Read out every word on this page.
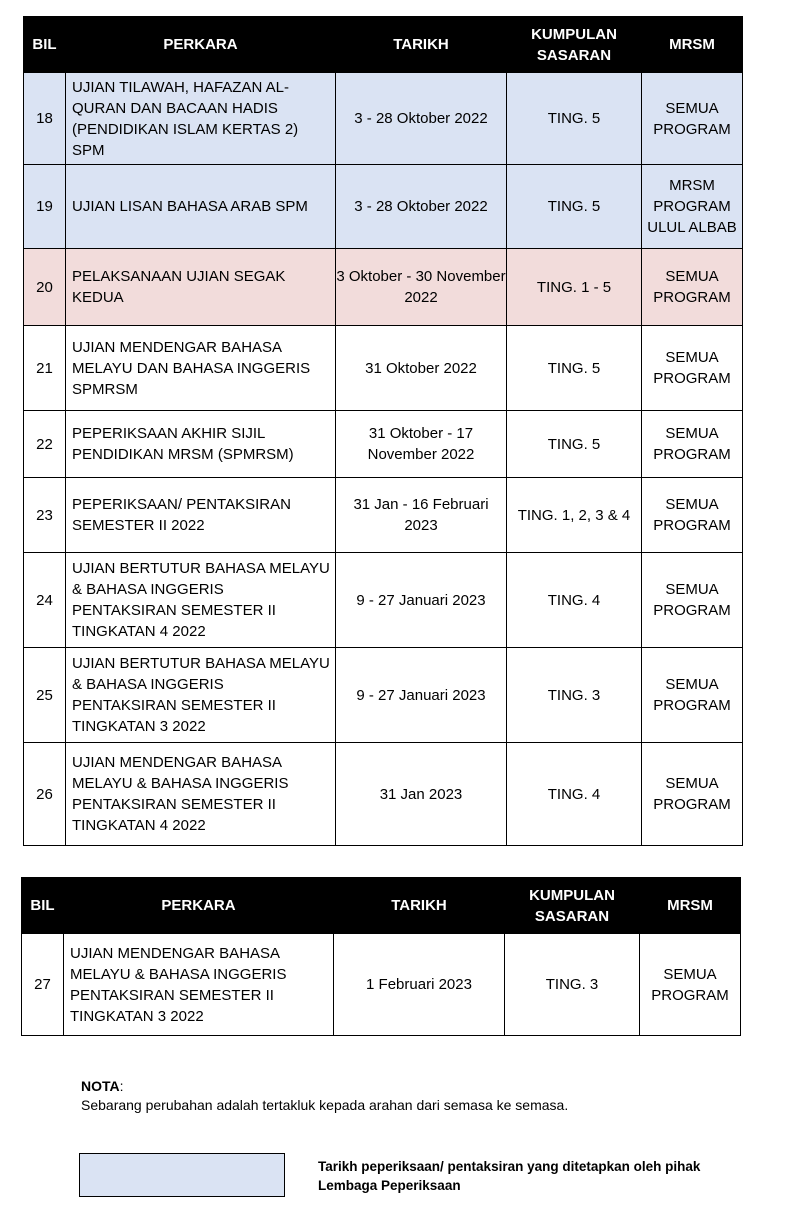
BIL	PERKARA	TARIKH	KUMPULAN SASARAN	MRSM
18	UJIAN TILAWAH, HAFAZAN AL-QURAN DAN BACAAN HADIS (PENDIDIKAN ISLAM KERTAS 2) SPM	3 - 28 Oktober 2022	TING. 5	SEMUA PROGRAM
19	UJIAN LISAN BAHASA ARAB SPM	3 - 28 Oktober 2022	TING. 5	MRSM PROGRAM ULUL ALBAB
20	PELAKSANAAN UJIAN SEGAK KEDUA	3 Oktober - 30 November 2022	TING. 1 - 5	SEMUA PROGRAM
21	UJIAN MENDENGAR BAHASA MELAYU DAN BAHASA INGGERIS SPMRSM	31 Oktober 2022	TING. 5	SEMUA PROGRAM
22	PEPERIKSAAN AKHIR SIJIL PENDIDIKAN MRSM (SPMRSM)	31 Oktober - 17 November 2022	TING. 5	SEMUA PROGRAM
23	PEPERIKSAAN/ PENTAKSIRAN SEMESTER II 2022	31 Jan - 16 Februari 2023	TING. 1, 2, 3 & 4	SEMUA PROGRAM
24	UJIAN BERTUTUR BAHASA MELAYU & BAHASA INGGERIS PENTAKSIRAN SEMESTER II TINGKATAN 4 2022	9 - 27 Januari 2023	TING. 4	SEMUA PROGRAM
25	UJIAN BERTUTUR BAHASA MELAYU & BAHASA INGGERIS PENTAKSIRAN SEMESTER II TINGKATAN 3 2022	9 - 27 Januari 2023	TING. 3	SEMUA PROGRAM
26	UJIAN MENDENGAR BAHASA MELAYU & BAHASA INGGERIS PENTAKSIRAN SEMESTER II TINGKATAN 4 2022	31 Jan 2023	TING. 4	SEMUA PROGRAM
BIL	PERKARA	TARIKH	KUMPULAN SASARAN	MRSM
27	UJIAN MENDENGAR BAHASA MELAYU & BAHASA INGGERIS PENTAKSIRAN SEMESTER II TINGKATAN 3 2022	1 Februari 2023	TING. 3	SEMUA PROGRAM
NOTA:
Sebarang perubahan adalah tertakluk kepada arahan dari semasa ke semasa.
Tarikh peperiksaan/ pentaksiran yang ditetapkan oleh pihak Lembaga Peperiksaan
